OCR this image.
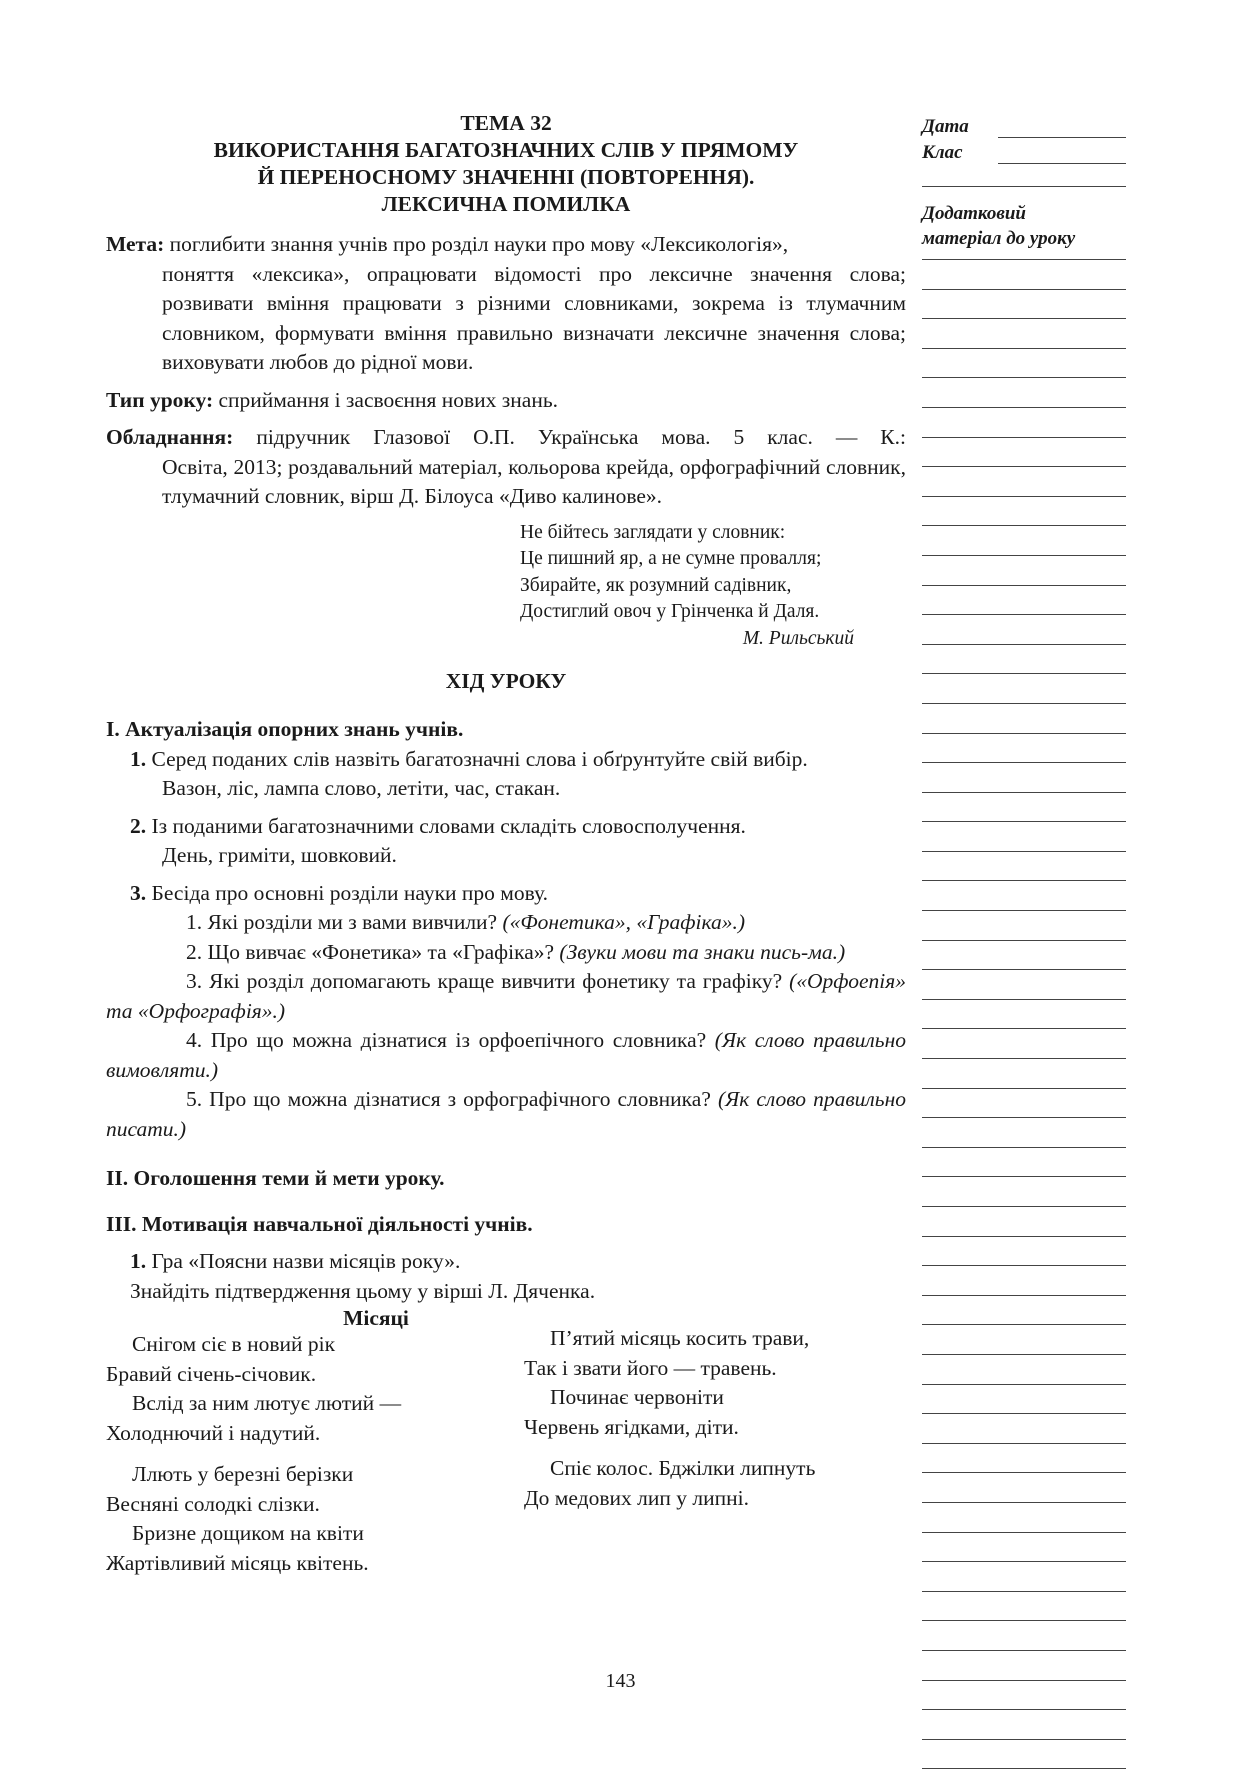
Дата
Клас
Додатковий
матеріал до уроку
ТЕМА 32
ВИКОРИСТАННЯ БАГАТОЗНАЧНИХ СЛІВ У ПРЯМОМУ
Й ПЕРЕНОСНОМУ ЗНАЧЕННІ (ПОВТОРЕННЯ).
ЛЕКСИЧНА ПОМИЛКА

Мета: поглибити знання учнів про розділ науки про мову «Лексикологія»,

поняття «лексика», опрацювати відомості про лексичне значення слова; розвивати вміння працювати з різними словниками, зокрема із тлумачним словником, формувати вміння правильно визначати лексичне значення слова; виховувати любов до рідної мови.

Тип уроку: сприймання і засвоєння нових знань.

Обладнання: підручник Глазової О.П. Українська мова. 5 клас. — К.:

Освіта, 2013; роздавальний матеріал, кольорова крейда, орфографічний словник, тлумачний словник, вірш Д. Білоуса «Диво калинове».

Не бійтесь заглядати у словник:
Це пишний яр, а не сумне провалля;
Збирайте, як розумний садівник,
Достиглий овоч у Грінченка й Даля.
М. Рильський
ХІД УРОКУ

I. Актуалізація опорних знань учнів.

1. Серед поданих слів назвіть багатозначні слова і обґрунтуйте свій вибір.

Вазон, ліс, лампа слово, летіти, час, стакан.

2. Із поданими багатозначними словами складіть словосполучення.

День, гриміти, шовковий.

3. Бесіда про основні розділи науки про мову.

1. Які розділи ми з вами вивчили? («Фонетика», «Графіка».)

2. Що вивчає «Фонетика» та «Графіка»? (Звуки мови та знаки пись-ма.)

3. Які розділ допомагають краще вивчити фонетику та графіку? («Орфоепія» та «Орфографія».)

4. Про що можна дізнатися із орфоепічного словника? (Як слово правильно вимовляти.)

5. Про що можна дізнатися з орфографічного словника? (Як слово правильно писати.)

II. Оголошення теми й мети уроку.

III. Мотивація навчальної діяльності учнів.

1. Гра «Поясни назви місяців року».

Знайдіть підтвердження цьому у вірші Л. Дяченка.

Місяці
Снігом сіє в новий рік
Бравий січень-січовик.
Вслід за ним лютує лютий —
Холоднючий і надутий.
Ллють у березні берізки
Весняні солодкі слізки.
Бризне дощиком на квіти
Жартівливий місяць квітень.
П’ятий місяць косить трави,
Так і звати його — травень.
Починає червоніти
Червень ягідками, діти.
Спіє колос. Бджілки липнуть
До медових лип у липні.
143
